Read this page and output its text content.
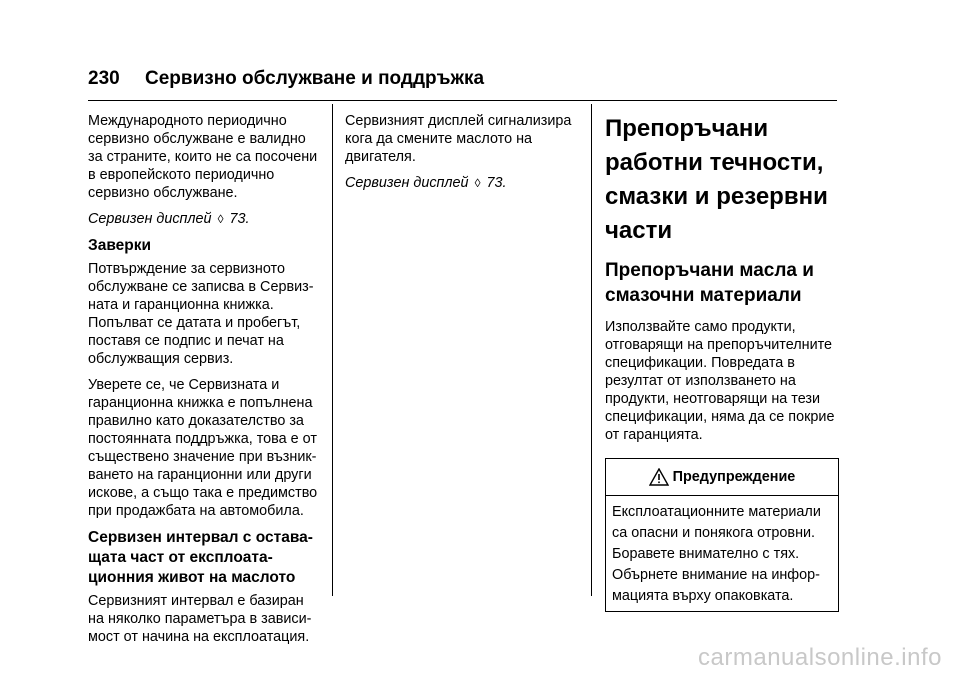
230 Сервизно обслужване и поддръжка

Международното периодично
сервизно обслужване е валидно
за страните, които не са посочени
в европейското периодично
сервизно обслужване.

Сервизен дисплей ◊ 73.
Заверки

Потвърждение за сервизното
обслужване се записва в Сервиз-
ната и гаранционна книжка.
Попълват се датата и пробегът,
поставя се подпис и печат на
обслужващия сервиз.

Уверете се, че Сервизната и
гаранционна книжка е попълнена
правилно като доказателство за
постоянната поддръжка, това е от
съществено значение при възник-
ването на гаранционни или други
искове, а също така е предимство
при продажбата на автомобила.

Сервизен интервал с остава-
щата част от експлоата-
ционния живот на маслото

Сервизният интервал е базиран
на няколко параметъра в зависи-
мост от начина на експлоатация.

Сервизният дисплей сигнализира
кога да смените маслото на
двигателя.

Сервизен дисплей ◊ 73.
Препоръчани
работни течности,
смазки и резервни
части
Препоръчани масла и
смазочни материали

Използвайте само продукти,
отговарящи на препоръчителните
спецификации. Повредата в
резултат от използването на
продукти, неотговарящи на тези
спецификации, няма да се покрие
от гаранцията.

Предупреждение

Експлоатационните материали

са опасни и понякога отровни.

Боравете внимателно с тях.

Обърнете внимание на инфор-

мацията върху опаковката.

carmanualsonline.info
